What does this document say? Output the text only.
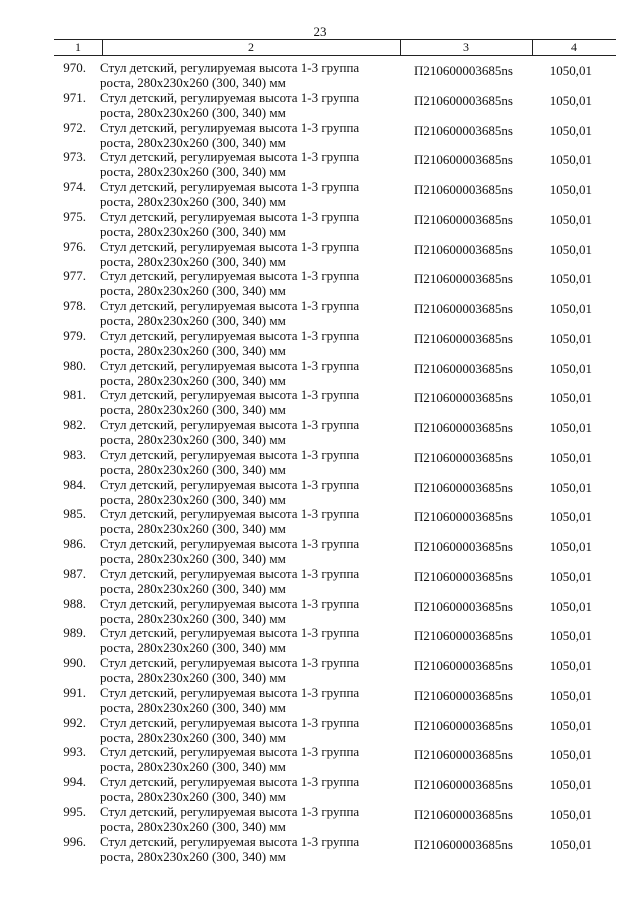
23
1	2	3	4
970. Стул детский, регулируемая высота 1-3 группа
роста, 280x230x260 (300, 340) мм
П210600003685ns	1050,01
971. Стул детский, регулируемая высота 1-3 группа
роста, 280x230x260 (300, 340) мм
П210600003685ns	1050,01
972. Стул детский, регулируемая высота 1-3 группа
роста, 280x230x260 (300, 340) мм
П210600003685ns	1050,01
973. Стул детский, регулируемая высота 1-3 группа
роста, 280x230x260 (300, 340) мм
П210600003685ns	1050,01
974. Стул детский, регулируемая высота 1-3 группа
роста, 280x230x260 (300, 340) мм
П210600003685ns	1050,01
975. Стул детский, регулируемая высота 1-3 группа
роста, 280x230x260 (300, 340) мм
П210600003685ns	1050,01
976. Стул детский, регулируемая высота 1-3 группа
роста, 280x230x260 (300, 340) мм
П210600003685ns	1050,01
977. Стул детский, регулируемая высота 1-3 группа
роста, 280x230x260 (300, 340) мм
П210600003685ns	1050,01
978. Стул детский, регулируемая высота 1-3 группа
роста, 280x230x260 (300, 340) мм
П210600003685ns	1050,01
979. Стул детский, регулируемая высота 1-3 группа
роста, 280x230x260 (300, 340) мм
П210600003685ns	1050,01
980. Стул детский, регулируемая высота 1-3 группа
роста, 280x230x260 (300, 340) мм
П210600003685ns	1050,01
981. Стул детский, регулируемая высота 1-3 группа
роста, 280x230x260 (300, 340) мм
П210600003685ns	1050,01
982. Стул детский, регулируемая высота 1-3 группа
роста, 280x230x260 (300, 340) мм
П210600003685ns	1050,01
983. Стул детский, регулируемая высота 1-3 группа
роста, 280x230x260 (300, 340) мм
П210600003685ns	1050,01
984. Стул детский, регулируемая высота 1-3 группа
роста, 280x230x260 (300, 340) мм
П210600003685ns	1050,01
985. Стул детский, регулируемая высота 1-3 группа
роста, 280x230x260 (300, 340) мм
П210600003685ns	1050,01
986. Стул детский, регулируемая высота 1-3 группа
роста, 280x230x260 (300, 340) мм
П210600003685ns	1050,01
987. Стул детский, регулируемая высота 1-3 группа
роста, 280x230x260 (300, 340) мм
П210600003685ns	1050,01
988. Стул детский, регулируемая высота 1-3 группа
роста, 280x230x260 (300, 340) мм
П210600003685ns	1050,01
989. Стул детский, регулируемая высота 1-3 группа
роста, 280x230x260 (300, 340) мм
П210600003685ns	1050,01
990. Стул детский, регулируемая высота 1-3 группа
роста, 280x230x260 (300, 340) мм
П210600003685ns	1050,01
991. Стул детский, регулируемая высота 1-3 группа
роста, 280x230x260 (300, 340) мм
П210600003685ns	1050,01
992. Стул детский, регулируемая высота 1-3 группа
роста, 280x230x260 (300, 340) мм
П210600003685ns	1050,01
993. Стул детский, регулируемая высота 1-3 группа
роста, 280x230x260 (300, 340) мм
П210600003685ns	1050,01
994. Стул детский, регулируемая высота 1-3 группа
роста, 280x230x260 (300, 340) мм
П210600003685ns	1050,01
995. Стул детский, регулируемая высота 1-3 группа
роста, 280x230x260 (300, 340) мм
П210600003685ns	1050,01
996. Стул детский, регулируемая высота 1-3 группа
роста, 280x230x260 (300, 340) мм
П210600003685ns	1050,01
